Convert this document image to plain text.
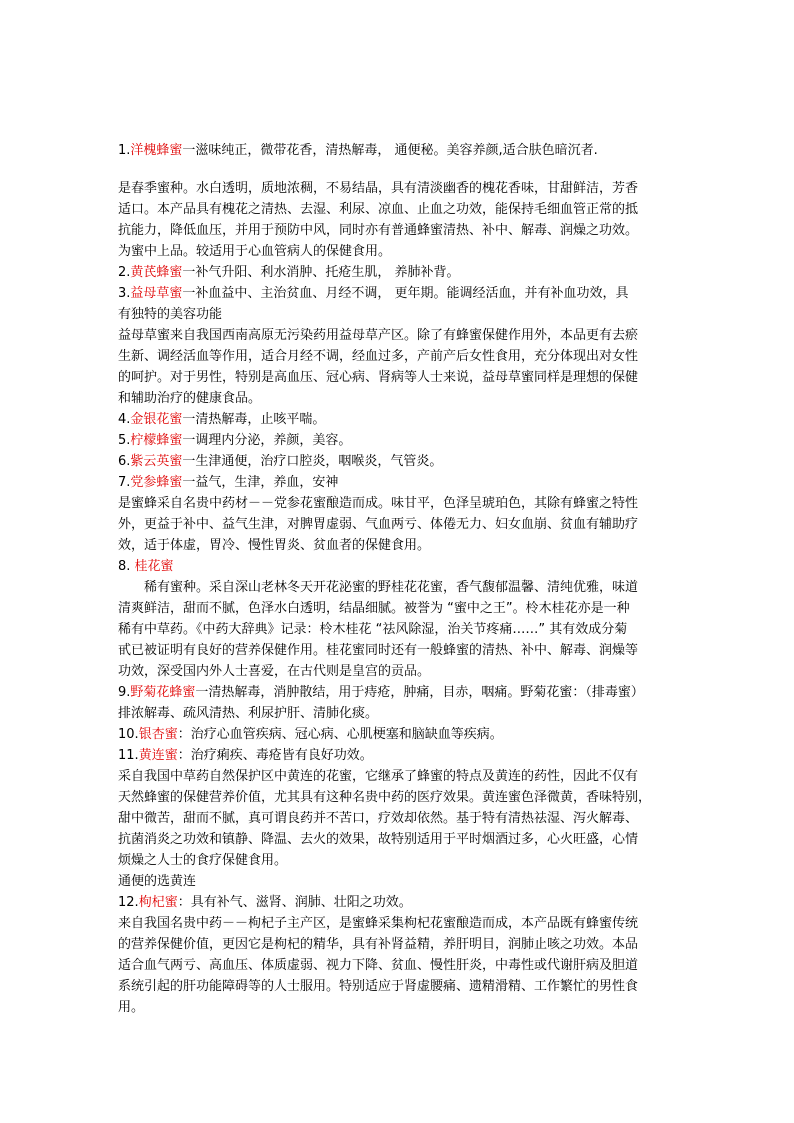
1.洋槐蜂蜜一滋味纯正，微带花香，清热解毒， 通便秘。美容养颜,适合肤色暗沉者.
是春季蜜种。水白透明，质地浓稠，不易结晶，具有清淡幽香的槐花香味，甘甜鲜洁，芳香
适口。本产品具有槐花之清热、去湿、利尿、凉血、止血之功效，能保持毛细血管正常的抵
抗能力，降低血压，并用于预防中风，同时亦有普通蜂蜜清热、补中、解毒、润燥之功效。
为蜜中上品。较适用于心血管病人的保健食用。
2.黄芪蜂蜜一补气升阳、利水消肿、托疮生肌， 养肺补背。
3.益母草蜜一补血益中、主治贫血、月经不调， 更年期。能调经活血，并有补血功效，具
有独特的美容功能
益母草蜜来自我国西南高原无污染药用益母草产区。除了有蜂蜜保健作用外，本品更有去瘀
生新、调经活血等作用，适合月经不调，经血过多，产前产后女性食用，充分体现出对女性
的呵护。对于男性，特别是高血压、冠心病、肾病等人士来说，益母草蜜同样是理想的保健
和辅助治疗的健康食品。
4.金银花蜜一清热解毒，止咳平喘。
5.柠檬蜂蜜一调理内分泌，养颜，美容。
6.紫云英蜜一生津通便，治疗口腔炎，咽喉炎，气管炎。
7.党参蜂蜜一益气，生津，养血，安神
是蜜蜂采自名贵中药材－－党参花蜜酿造而成。味甘平，色泽呈琥珀色，其除有蜂蜜之特性
外，更益于补中、益气生津，对脾胃虚弱、气血两亏、体倦无力、妇女血崩、贫血有辅助疗
效，适于体虚，胃冷、慢性胃炎、贫血者的保健食用。
8. 桂花蜜
稀有蜜种。采自深山老林冬天开花泌蜜的野桂花花蜜，香气馥郁温馨、清纯优雅，味道
清爽鲜洁，甜而不腻，色泽水白透明，结晶细腻。被誉为 “蜜中之王”。柃木桂花亦是一种
稀有中草药。《中药大辞典》记录：柃木桂花 “祛风除湿，治关节疼痛……” 其有效成分菊
甙已被证明有良好的营养保健作用。桂花蜜同时还有一般蜂蜜的清热、补中、解毒、润燥等
功效，深受国内外人士喜爱，在古代则是皇宫的贡品。
9.野菊花蜂蜜一清热解毒，消肿散结，用于痔疮，肿痛，目赤，咽痛。野菊花蜜：（排毒蜜）
排浓解毒、疏风清热、利尿护肝、清肺化痰。
10.银杏蜜：治疗心血管疾病、冠心病、心肌梗塞和脑缺血等疾病。
11.黄连蜜：治疗痢疾、毒疮皆有良好功效。
采自我国中草药自然保护区中黄连的花蜜，它继承了蜂蜜的特点及黄连的药性，因此不仅有
天然蜂蜜的保健营养价值，尤其具有这种名贵中药的医疗效果。黄连蜜色泽微黄，香味特别，
甜中微苦，甜而不腻，真可谓良药并不苦口，疗效却依然。基于特有清热祛湿、泻火解毒、
抗菌消炎之功效和镇静、降温、去火的效果，故特别适用于平时烟酒过多，心火旺盛，心情
烦燥之人士的食疗保健食用。
通便的选黄连
12.枸杞蜜：具有补气、滋肾、润肺、壮阳之功效。
来自我国名贵中药－－枸杞子主产区，是蜜蜂采集枸杞花蜜酿造而成，本产品既有蜂蜜传统
的营养保健价值，更因它是枸杞的精华，具有补肾益精，养肝明目，润肺止咳之功效。本品
适合血气两亏、高血压、体质虚弱、视力下降、贫血、慢性肝炎，中毒性或代谢肝病及胆道
系统引起的肝功能障碍等的人士服用。特别适应于肾虚腰痛、遗精滑精、工作繁忙的男性食
用。
